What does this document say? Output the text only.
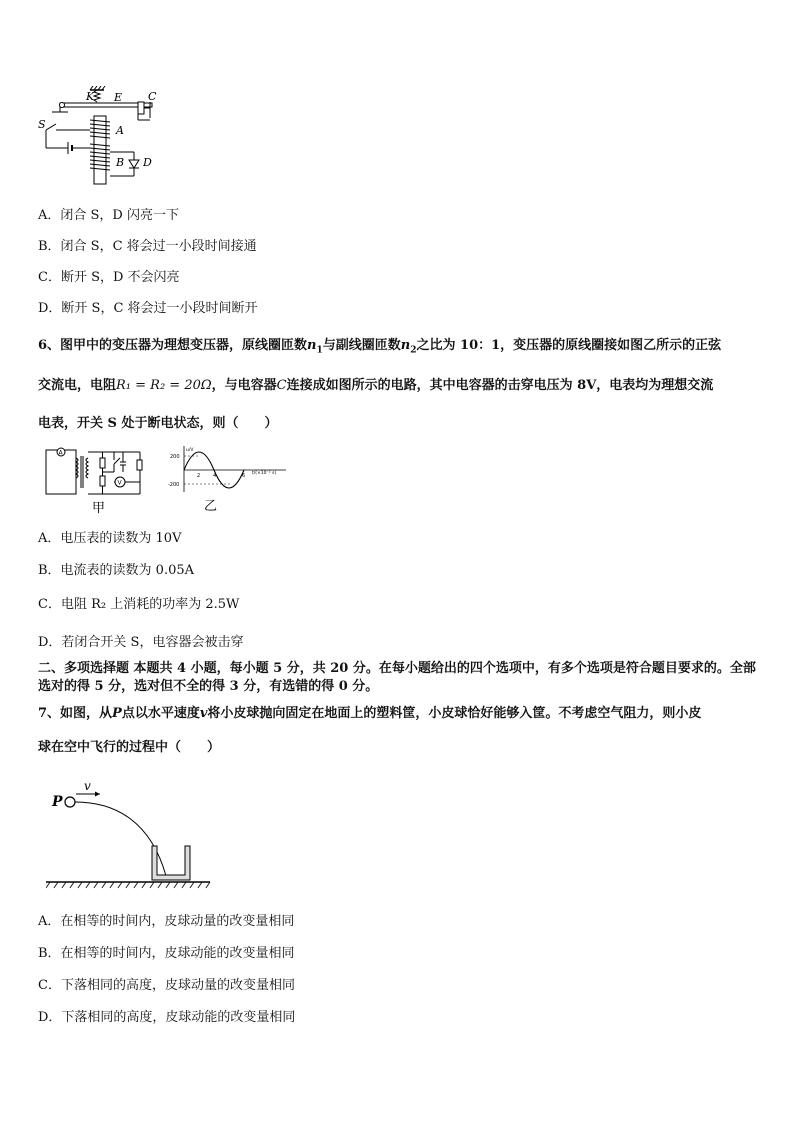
K E C
S	A
B D
A．闭合 S，D 闪亮一下
B．闭合 S，C 将会过一小段时间接通
C．断开 S，D 不会闪亮
D．断开 S，C 将会过一小段时间断开
6、图甲中的变压器为理想变压器，原线圈匝数$n_1$与副线圈匝数$n_2$之比为 10：1，变压器的原线圈接如图乙所示的正弦
交流电，电阻R₁ = R₂ = 20Ω，与电容器C连接成如图所示的电路，其中电容器的击穿电压为 8V，电表均为理想交流
电表，开关 S 处于断电状态，则（　　）
A
V
甲
200
-200
u/V
2	4	6 t/(×10⁻² s)
乙
A．电压表的读数为 10V
B．电流表的读数为 0.05A
C．电阻 R₂ 上消耗的功率为 2.5W
D．若闭合开关 S，电容器会被击穿
二、多项选择题 本题共 4 小题，每小题 5 分，共 20 分。在每小题给出的四个选项中，有多个选项是符合题目要求的。全部选对的得 5 分，选对但不全的得 3 分，有选错的得 0 分。
7、如图，从P点以水平速度v将小皮球抛向固定在地面上的塑料筐，小皮球恰好能够入筐。不考虑空气阻力，则小皮
球在空中飞行的过程中（　　）
P
v
A．在相等的时间内，皮球动量的改变量相同
B．在相等的时间内，皮球动能的改变量相同
C．下落相同的高度，皮球动量的改变量相同
D．下落相同的高度，皮球动能的改变量相同
